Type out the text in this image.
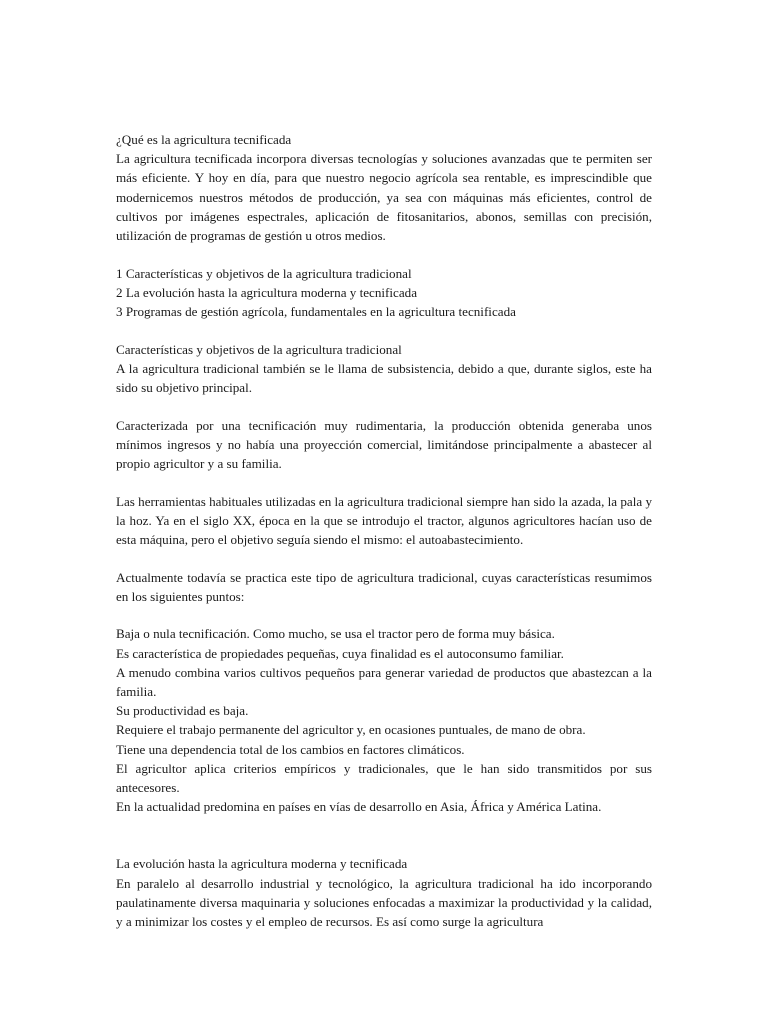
¿Qué es la agricultura tecnificada

La agricultura tecnificada incorpora diversas tecnologías y soluciones avanzadas que te permiten ser más eficiente. Y hoy en día, para que nuestro negocio agrícola sea rentable, es imprescindible que modernicemos nuestros métodos de producción, ya sea con máquinas más eficientes, control de cultivos por imágenes espectrales, aplicación de fitosanitarios, abonos, semillas con precisión, utilización de programas de gestión u otros medios.

1 Características y objetivos de la agricultura tradicional
2 La evolución hasta la agricultura moderna y tecnificada
3 Programas de gestión agrícola, fundamentales en la agricultura tecnificada
Características y objetivos de la agricultura tradicional

A la agricultura tradicional también se le llama de subsistencia, debido a que, durante siglos, este ha sido su objetivo principal.

Caracterizada por una tecnificación muy rudimentaria, la producción obtenida generaba unos mínimos ingresos y no había una proyección comercial, limitándose principalmente a abastecer al propio agricultor y a su familia.

Las herramientas habituales utilizadas en la agricultura tradicional siempre han sido la azada, la pala y la hoz. Ya en el siglo XX, época en la que se introdujo el tractor, algunos agricultores hacían uso de esta máquina, pero el objetivo seguía siendo el mismo: el autoabastecimiento.

Actualmente todavía se practica este tipo de agricultura tradicional, cuyas características resumimos en los siguientes puntos:

Baja o nula tecnificación. Como mucho, se usa el tractor pero de forma muy básica.

Es característica de propiedades pequeñas, cuya finalidad es el autoconsumo familiar.

A menudo combina varios cultivos pequeños para generar variedad de productos que abastezcan a la familia.

Su productividad es baja.

Requiere el trabajo permanente del agricultor y, en ocasiones puntuales, de mano de obra.

Tiene una dependencia total de los cambios en factores climáticos.

El agricultor aplica criterios empíricos y tradicionales, que le han sido transmitidos por sus antecesores.

En la actualidad predomina en países en vías de desarrollo en Asia, África y América Latina.

La evolución hasta la agricultura moderna y tecnificada

En paralelo al desarrollo industrial y tecnológico, la agricultura tradicional ha ido incorporando paulatinamente diversa maquinaria y soluciones enfocadas a maximizar la productividad y la calidad, y a minimizar los costes y el empleo de recursos. Es así como surge la agricultura
